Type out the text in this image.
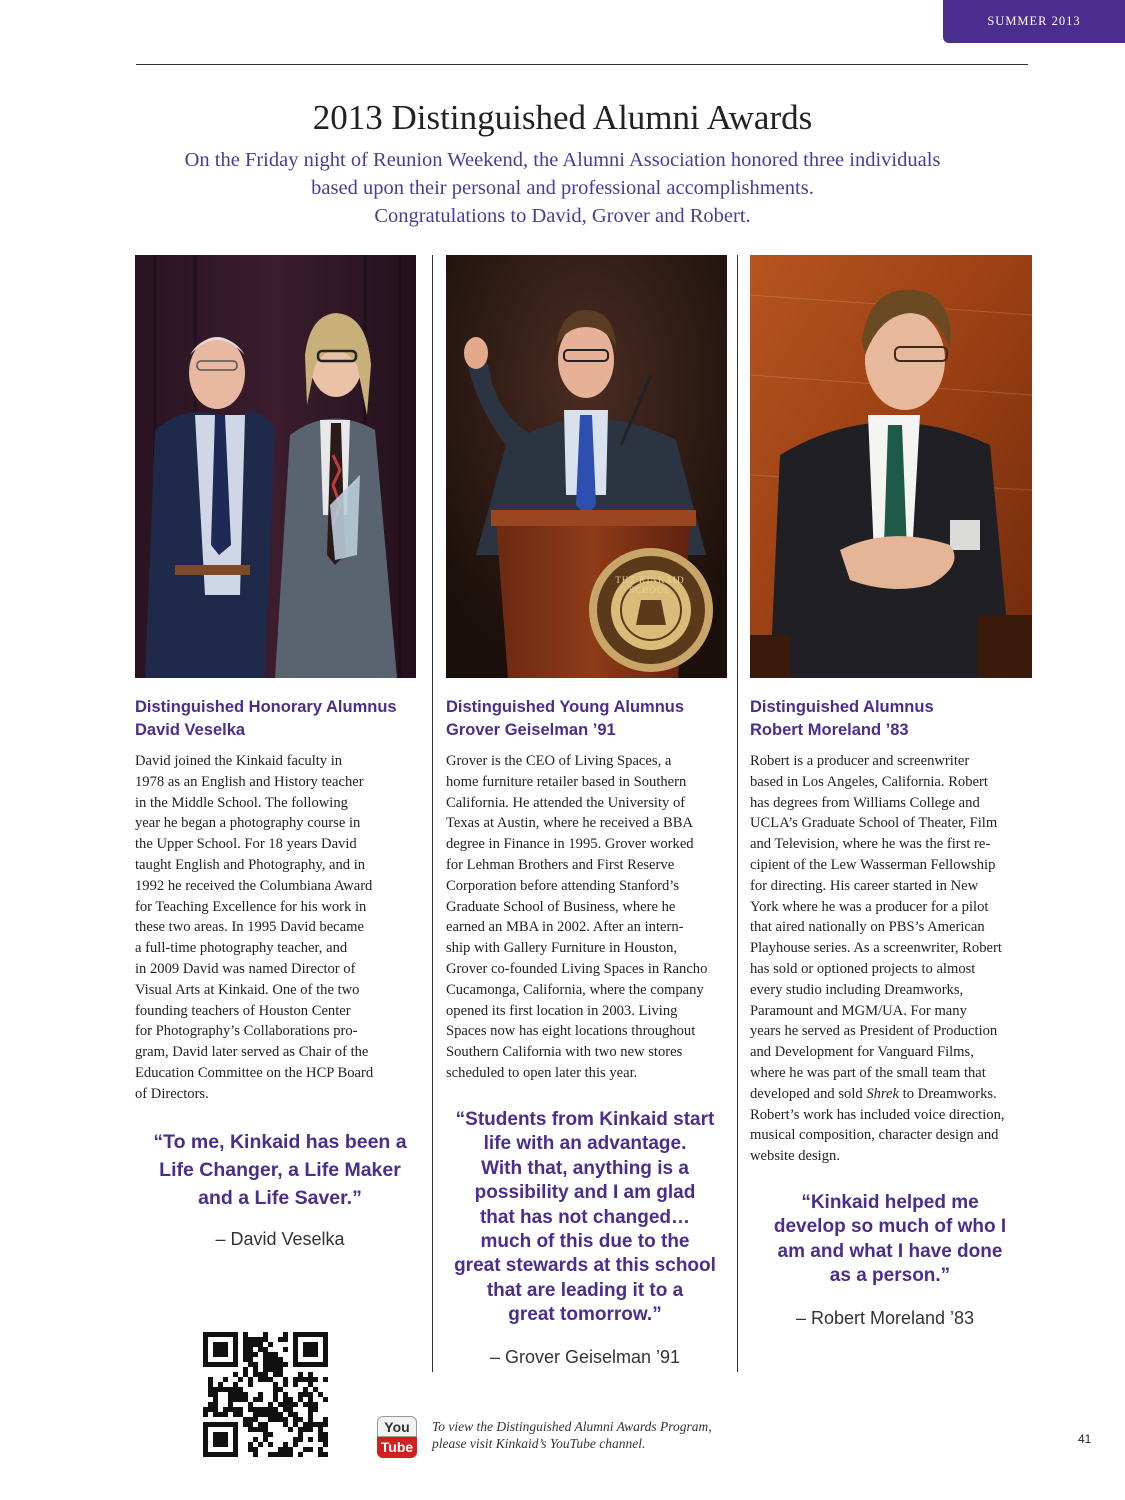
SUMMER 2013
2013 Distinguished Alumni Awards
On the Friday night of Reunion Weekend, the Alumni Association honored three individuals
based upon their personal and professional accomplishments.
Congratulations to David, Grover and Robert.
THE KINKAID SCHOOL
1906
Distinguished Honorary Alumnus
David Veselka
David joined the Kinkaid faculty in
1978 as an English and History teacher
in the Middle School. The following
year he began a photography course in
the Upper School. For 18 years David
taught English and Photography, and in
1992 he received the Columbiana Award
for Teaching Excellence for his work in
these two areas. In 1995 David became
a full-time photography teacher, and
in 2009 David was named Director of
Visual Arts at Kinkaid. One of the two
founding teachers of Houston Center
for Photography’s Collaborations pro-
gram, David later served as Chair of the
Education Committee on the HCP Board
of Directors.
“To me, Kinkaid has been a
Life Changer, a Life Maker
and a Life Saver.”
– David Veselka
Distinguished Young Alumnus
Grover Geiselman ’91
Grover is the CEO of Living Spaces, a
home furniture retailer based in Southern
California. He attended the University of
Texas at Austin, where he received a BBA
degree in Finance in 1995. Grover worked
for Lehman Brothers and First Reserve
Corporation before attending Stanford’s
Graduate School of Business, where he
earned an MBA in 2002. After an intern-
ship with Gallery Furniture in Houston,
Grover co-founded Living Spaces in Rancho
Cucamonga, California, where the company
opened its first location in 2003. Living
Spaces now has eight locations throughout
Southern California with two new stores
scheduled to open later this year.
“Students from Kinkaid start
life with an advantage.
With that, anything is a
possibility and I am glad
that has not changed…
much of this due to the
great stewards at this school
that are leading it to a
great tomorrow.”
– Grover Geiselman ’91
Distinguished Alumnus
Robert Moreland ’83
Robert is a producer and screenwriter
based in Los Angeles, California. Robert
has degrees from Williams College and
UCLA’s Graduate School of Theater, Film
and Television, where he was the first re-
cipient of the Lew Wasserman Fellowship
for directing. His career started in New
York where he was a producer for a pilot
that aired nationally on PBS’s American
Playhouse series. As a screenwriter, Robert
has sold or optioned projects to almost
every studio including Dreamworks,
Paramount and MGM/UA. For many
years he served as President of Production
and Development for Vanguard Films,
where he was part of the small team that
developed and sold Shrek to Dreamworks.
Robert’s work has included voice direction,
musical composition, character design and
website design.
“Kinkaid helped me
develop so much of who I
am and what I have done
as a person.”
– Robert Moreland ’83
You
Tube
To view the Distinguished Alumni Awards Program,
please visit Kinkaid’s YouTube channel.	41
